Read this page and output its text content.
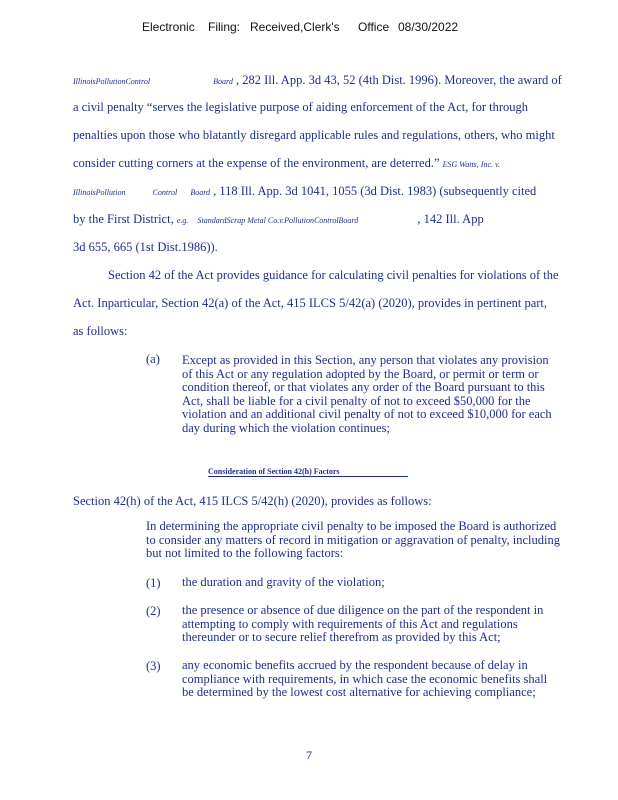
Electronic Filing: Received,Clerk's Office 08/30/2022
IllinoisPollutionControl	Board , 282 Ill. App. 3d 43, 52 (4th Dist. 1996). Moreover, the award of
a civil penalty “serves the legislative purpose of aiding enforcement of the Act, for through
penalties upon those who blatantly disregard applicable rules and regulations, others, who might
consider cutting corners at the expense of the environment, are deterred.” ESG Watts, Inc. v.
IllinoisPollution	Control Board , 118 Ill. App. 3d 1041, 1055 (3d Dist. 1983) (subsequently cited
by the First District, e.g. StandardScrap Metal Co.v.PollutionControlBoard	, 142 Ill. App
3d 655, 665 (1st Dist.1986)).
Section 42 of the Act provides guidance for calculating civil penalties for violations of the
Act. Inparticular, Section 42(a) of the Act, 415 ILCS 5/42(a) (2020), provides in pertinent part,
as follows:
(a) Except as provided in this Section, any person that violates any provision of this Act or any regulation adopted by the Board, or permit or term or condition thereof, or that violates any order of the Board pursuant to this Act, shall be liable for a civil penalty of not to exceed $50,000 for the violation and an additional civil penalty of not to exceed $10,000 for each day during which the violation continues;
Consideration of Section 42(h) Factors
Section 42(h) of the Act, 415 ILCS 5/42(h) (2020), provides as follows:
In determining the appropriate civil penalty to be imposed the Board is authorized to consider any matters of record in mitigation or aggravation of penalty, including but not limited to the following factors:
(1) the duration and gravity of the violation;
(2) the presence or absence of due diligence on the part of the respondent in attempting to comply with requirements of this Act and regulations thereunder or to secure relief therefrom as provided by this Act;
(3) any economic benefits accrued by the respondent because of delay in compliance with requirements, in which case the economic benefits shall be determined by the lowest cost alternative for achieving compliance;
7
